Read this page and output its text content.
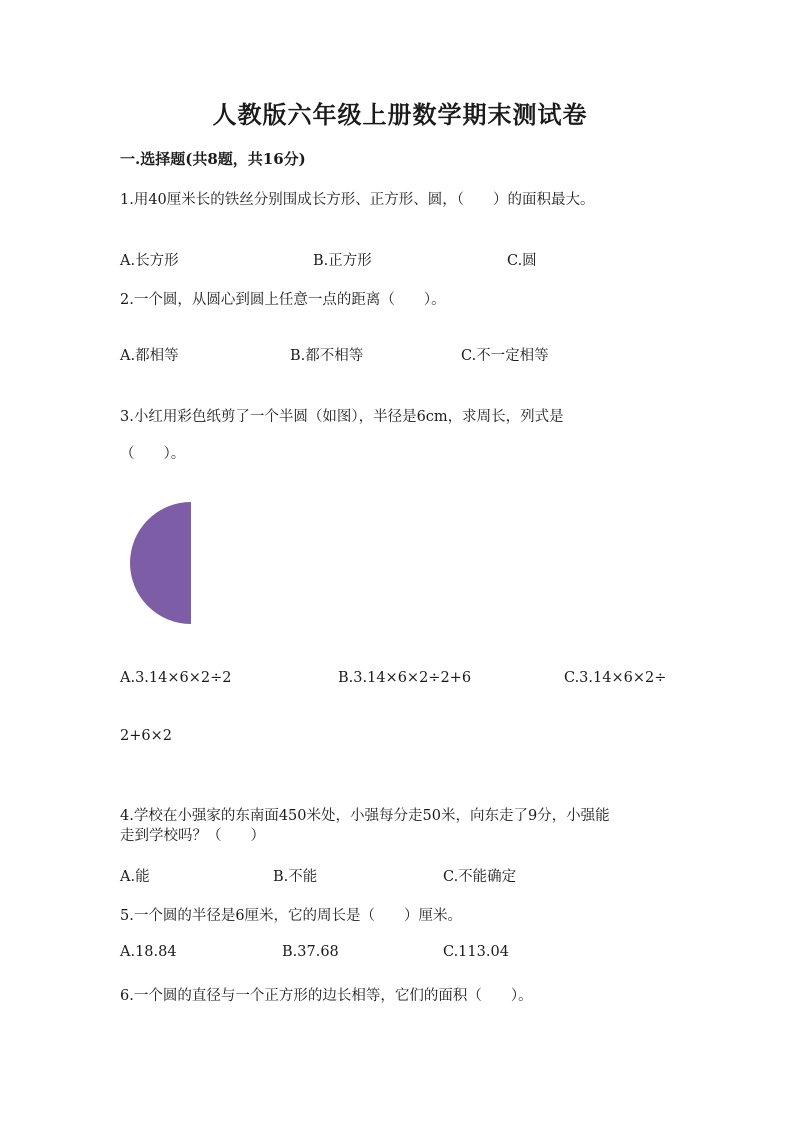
人教版六年级上册数学期末测试卷
一.选择题(共8题，共16分)
1.用40厘米长的铁丝分别围成长方形、正方形、圆，（　　）的面积最大。
A.长方形	B.正方形	C.圆
2.一个圆，从圆心到圆上任意一点的距离（　　）。
A.都相等	B.都不相等	C.不一定相等
3.小红用彩色纸剪了一个半圆（如图），半径是6cm，求周长，列式是
（　　）。
A.3.14×6×2÷2	B.3.14×6×2÷2+6	C.3.14×6×2÷
2+6×2
4.学校在小强家的东南面450米处，小强每分走50米，向东走了9分，小强能
走到学校吗？（　　）
A.能	B.不能	C.不能确定
5.一个圆的半径是6厘米，它的周长是（　　）厘米。
A.18.84	B.37.68	C.113.04
6.一个圆的直径与一个正方形的边长相等，它们的面积（　　）。
